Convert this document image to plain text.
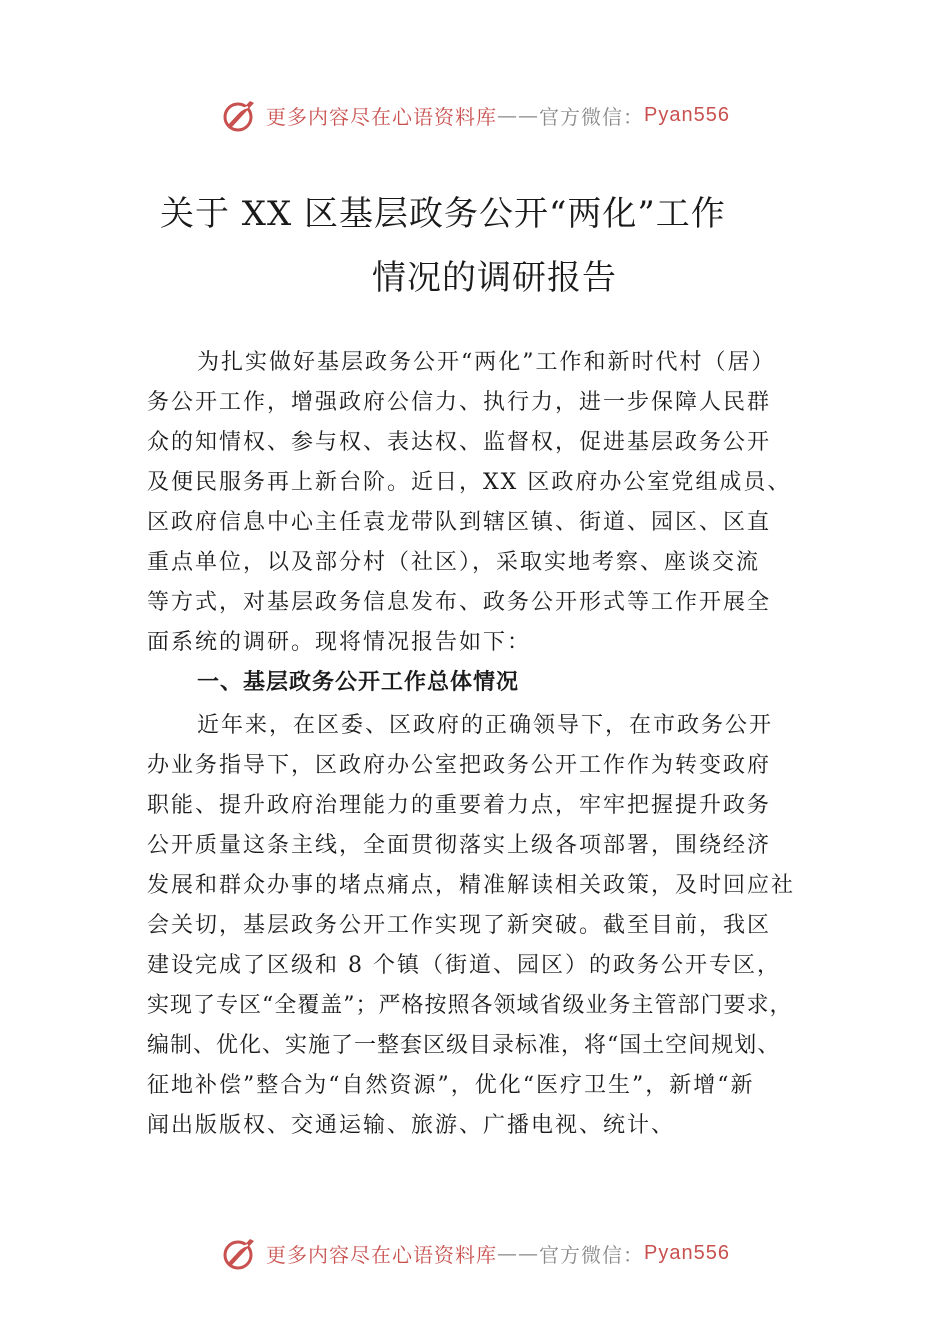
更多内容尽在心语资料库 —— 官方微信： Pyan556
关于 XX 区基层政务公开“两化”工作
情况的调研报告
为扎实做好基层政务公开“两化”工作和新时代村（居）
务公开工作，增强政府公信力、执行力，进一步保障人民群
众的知情权、参与权、表达权、监督权，促进基层政务公开
及便民服务再上新台阶。近日，XX 区政府办公室党组成员、
区政府信息中心主任袁龙带队到辖区镇、街道、园区、区直
重点单位，以及部分村（社区），采取实地考察、座谈交流
等方式，对基层政务信息发布、政务公开形式等工作开展全
面系统的调研。现将情况报告如下：
一、基层政务公开工作总体情况
近年来，在区委、区政府的正确领导下，在市政务公开
办业务指导下，区政府办公室把政务公开工作作为转变政府
职能、提升政府治理能力的重要着力点，牢牢把握提升政务
公开质量这条主线，全面贯彻落实上级各项部署，围绕经济
发展和群众办事的堵点痛点，精准解读相关政策，及时回应社
会关切，基层政务公开工作实现了新突破。截至目前，我区
建设完成了区级和 8 个镇（街道、园区）的政务公开专区，
实现了专区“全覆盖”；严格按照各领域省级业务主管部门要求，
编制、优化、实施了一整套区级目录标准，将“国土空间规划、
征地补偿”整合为“自然资源”，优化“医疗卫生”，新增“新
闻出版版权、交通运输、旅游、广播电视、统计、
更多内容尽在心语资料库 —— 官方微信： Pyan556
